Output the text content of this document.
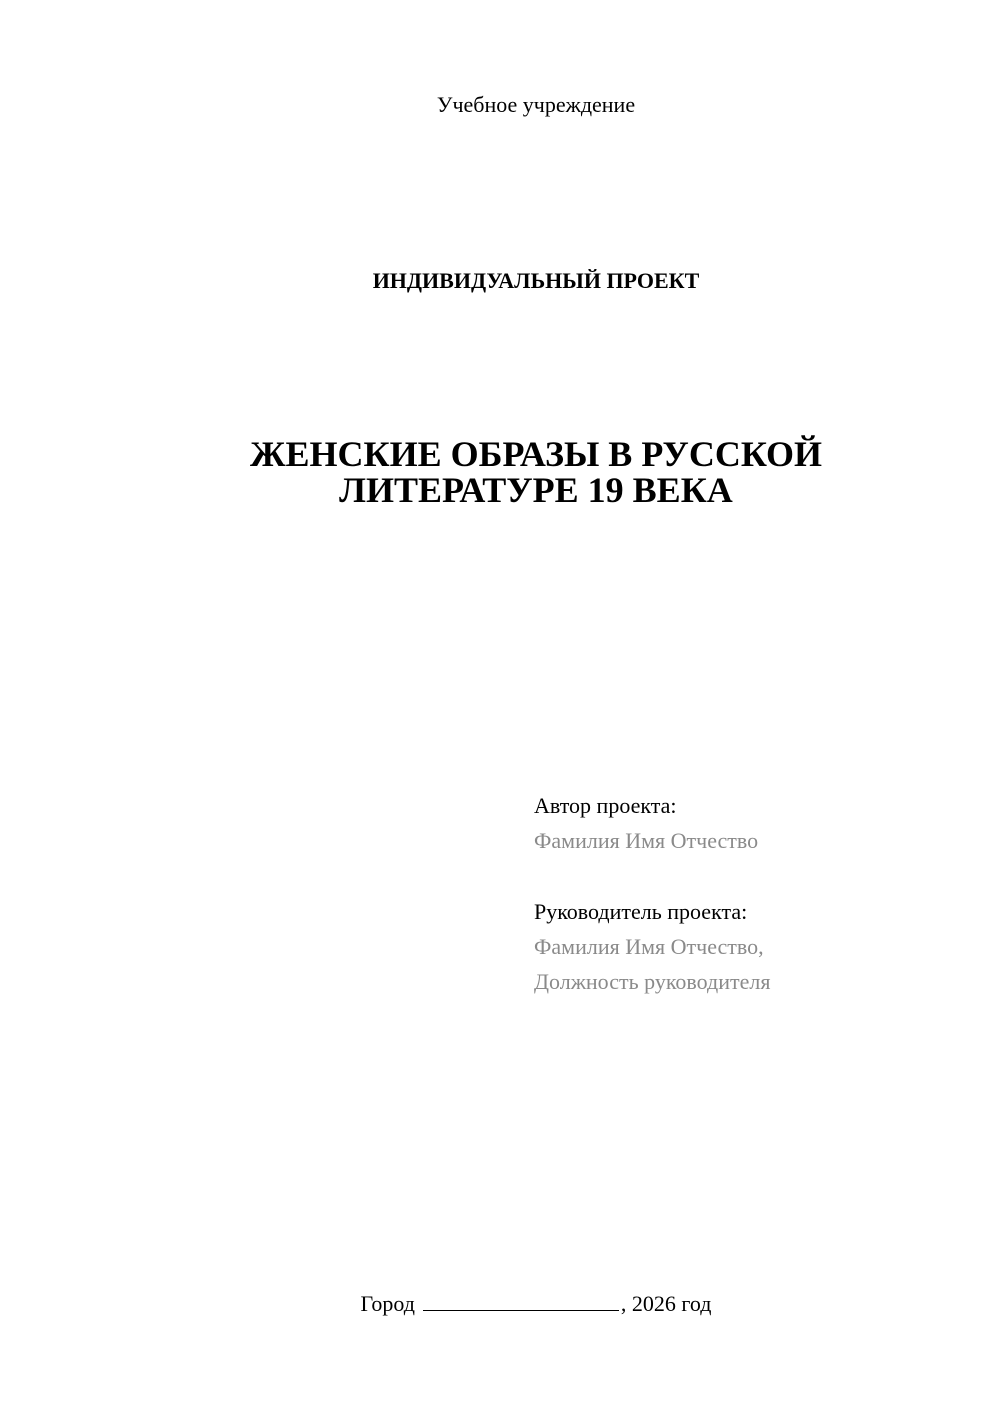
Учебное учреждение
ИНДИВИДУАЛЬНЫЙ ПРОЕКТ
ЖЕНСКИЕ ОБРАЗЫ В РУССКОЙ
ЛИТЕРАТУРЕ 19 ВЕКА
Автор проекта:
Фамилия Имя Отчество
Руководитель проекта:
Фамилия Имя Отчество,
Должность руководителя
Город	, 2026 год
